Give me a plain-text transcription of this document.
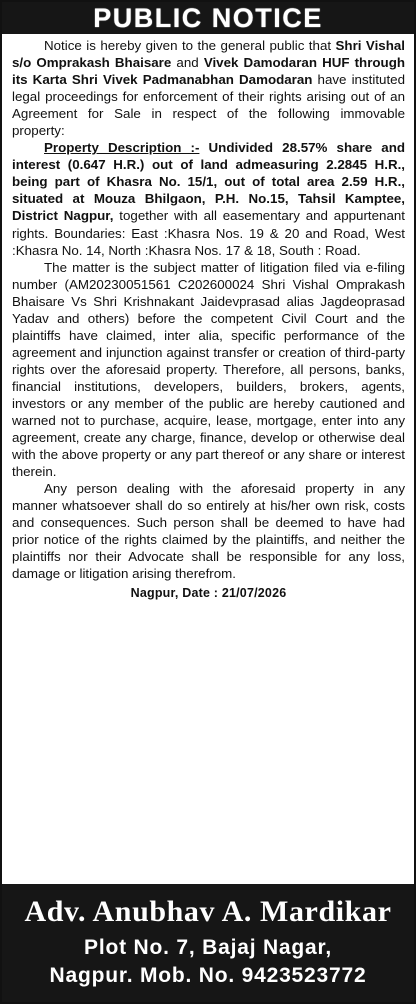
PUBLIC NOTICE

Notice is hereby given to the general public that Shri Vishal s/o Omprakash Bhaisare and Vivek Damodaran HUF through its Karta Shri Vivek Padmanabhan Damodaran have instituted legal proceedings for enforcement of their rights arising out of an Agreement for Sale in respect of the following immovable property:

Property Description :- Undivided 28.57% share and interest (0.647 H.R.) out of land admeasuring 2.2845 H.R., being part of Khasra No. 15/1, out of total area 2.59 H.R., situated at Mouza Bhilgaon, P.H. No.15, Tahsil Kamptee, District Nagpur, together with all easementary and appurtenant rights. Boundaries: East :Khasra Nos. 19 & 20 and Road, West :Khasra No. 14, North :Khasra Nos. 17 & 18, South : Road.

The matter is the subject matter of litigation filed via e-filing number (AM20230051561 C202600024 Shri Vishal Omprakash Bhaisare Vs Shri Krishnakant Jaidevprasad alias Jagdeoprasad Yadav and others) before the competent Civil Court and the plaintiffs have claimed, inter alia, specific performance of the agreement and injunction against transfer or creation of third-party rights over the aforesaid property. Therefore, all persons, banks, financial institutions, developers, builders, brokers, agents, investors or any member of the public are hereby cautioned and warned not to purchase, acquire, lease, mortgage, enter into any agreement, create any charge, finance, develop or otherwise deal with the above property or any part thereof or any share or interest therein.

Any person dealing with the aforesaid property in any manner whatsoever shall do so entirely at his/her own risk, costs and consequences. Such person shall be deemed to have had prior notice of the rights claimed by the plaintiffs, and neither the plaintiffs nor their Advocate shall be responsible for any loss, damage or litigation arising therefrom.

Nagpur, Date : 21/07/2026
Adv. Anubhav A. Mardikar
Plot No. 7, Bajaj Nagar,
Nagpur. Mob. No. 9423523772
